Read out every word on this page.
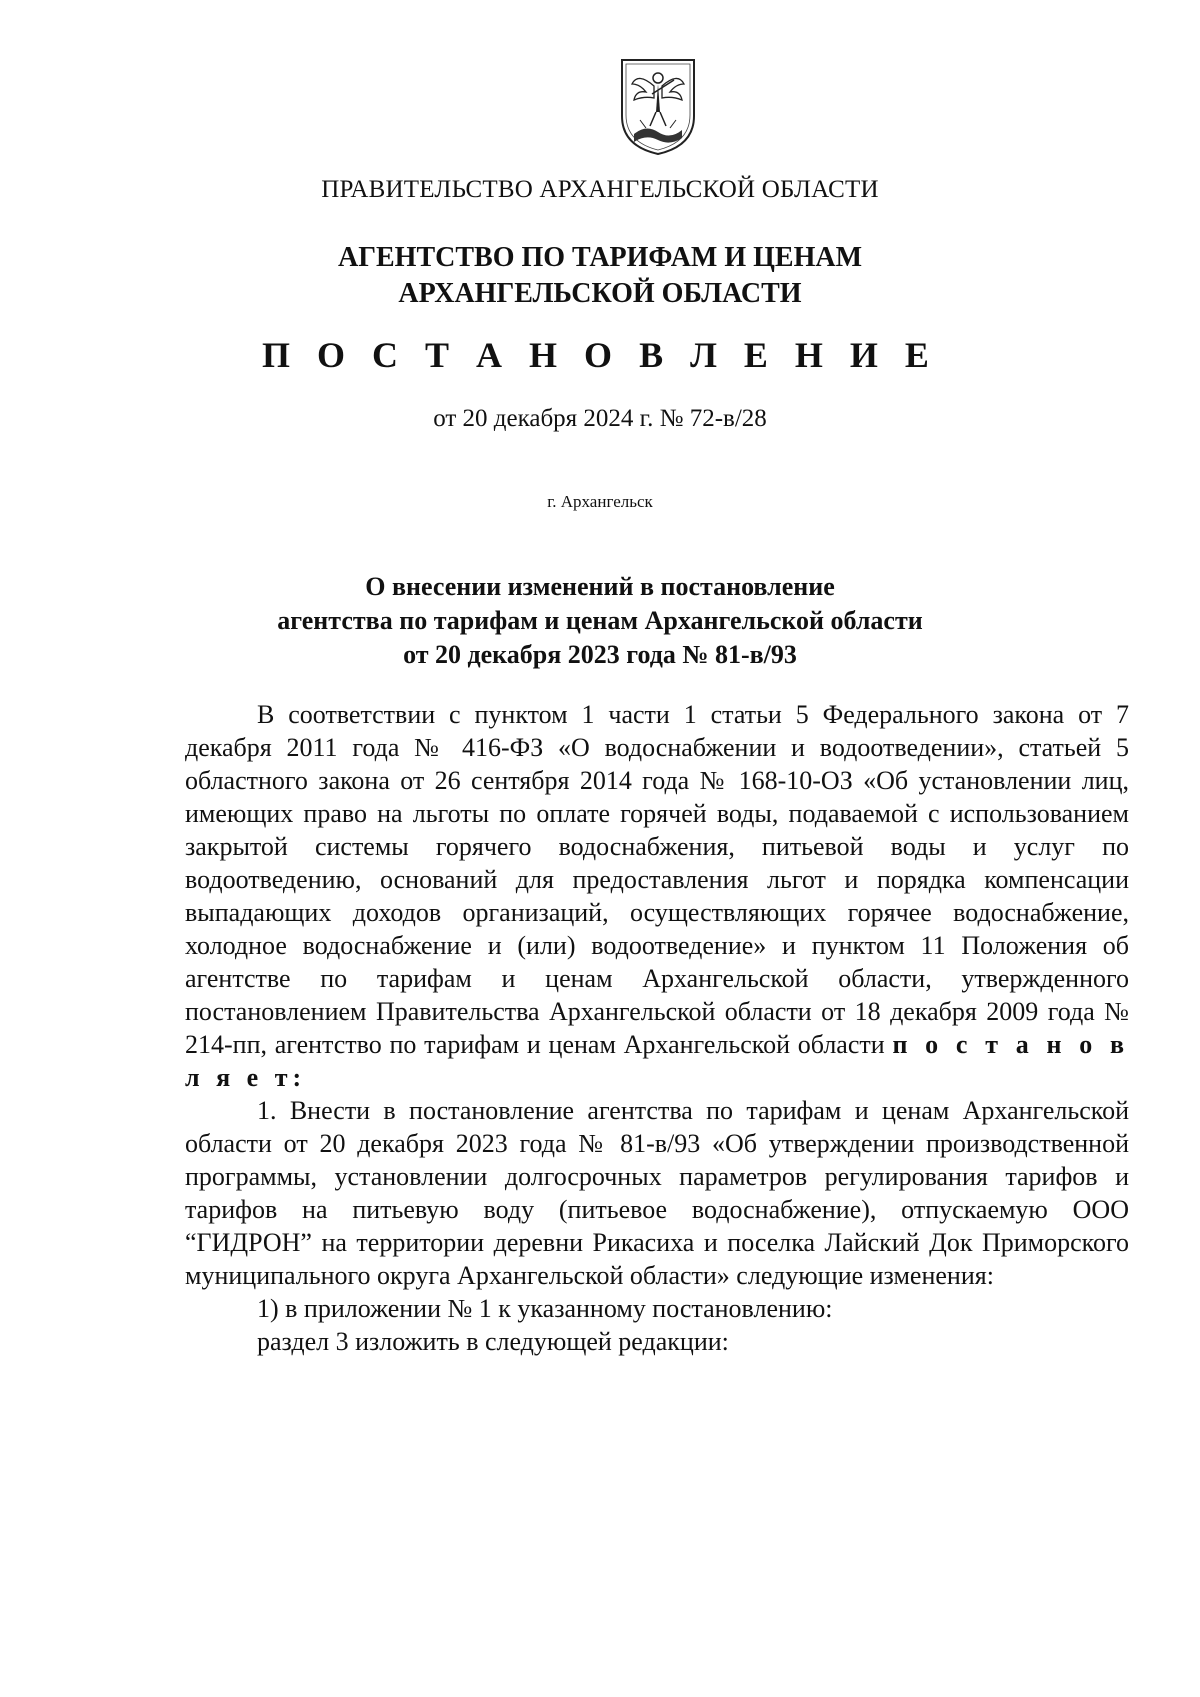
ПРАВИТЕЛЬСТВО АРХАНГЕЛЬСКОЙ ОБЛАСТИ
АГЕНТСТВО ПО ТАРИФАМ И ЦЕНАМ
АРХАНГЕЛЬСКОЙ ОБЛАСТИ
П О С Т А Н О В Л Е Н И Е
от 20 декабря 2024 г. № 72-в/28
г. Архангельск
О внесении изменений в постановление
агентства по тарифам и ценам Архангельской области
от 20 декабря 2023 года № 81-в/93

В соответствии с пунктом 1 части 1 статьи 5 Федерального закона от 7 декабря 2011 года № 416-ФЗ «О водоснабжении и водоотведении», статьей 5 областного закона от 26 сентября 2014 года № 168-10-ОЗ «Об установлении лиц, имеющих право на льготы по оплате горячей воды, подаваемой с использованием закрытой системы горячего водоснабжения, питьевой воды и услуг по водоотведению, оснований для предоставления льгот и порядка компенсации выпадающих доходов организаций, осуществляющих горячее водоснабжение, холодное водоснабжение и (или) водоотведение» и пунктом 11 Положения об агентстве по тарифам и ценам Архангельской области, утвержденного постановлением Правительства Архангельской области от 18 декабря 2009 года № 214-пп, агентство по тарифам и ценам Архангельской области п о с т а н о в л я е т:

1. Внести в постановление агентства по тарифам и ценам Архангельской области от 20 декабря 2023 года № 81-в/93 «Об утверждении производственной программы, установлении долгосрочных параметров регулирования тарифов и тарифов на питьевую воду (питьевое водоснабжение), отпускаемую ООО “ГИДРОН” на территории деревни Рикасиха и поселка Лайский Док Приморского муниципального округа Архангельской области» следующие изменения:

1) в приложении № 1 к указанному постановлению:

раздел 3 изложить в следующей редакции:
